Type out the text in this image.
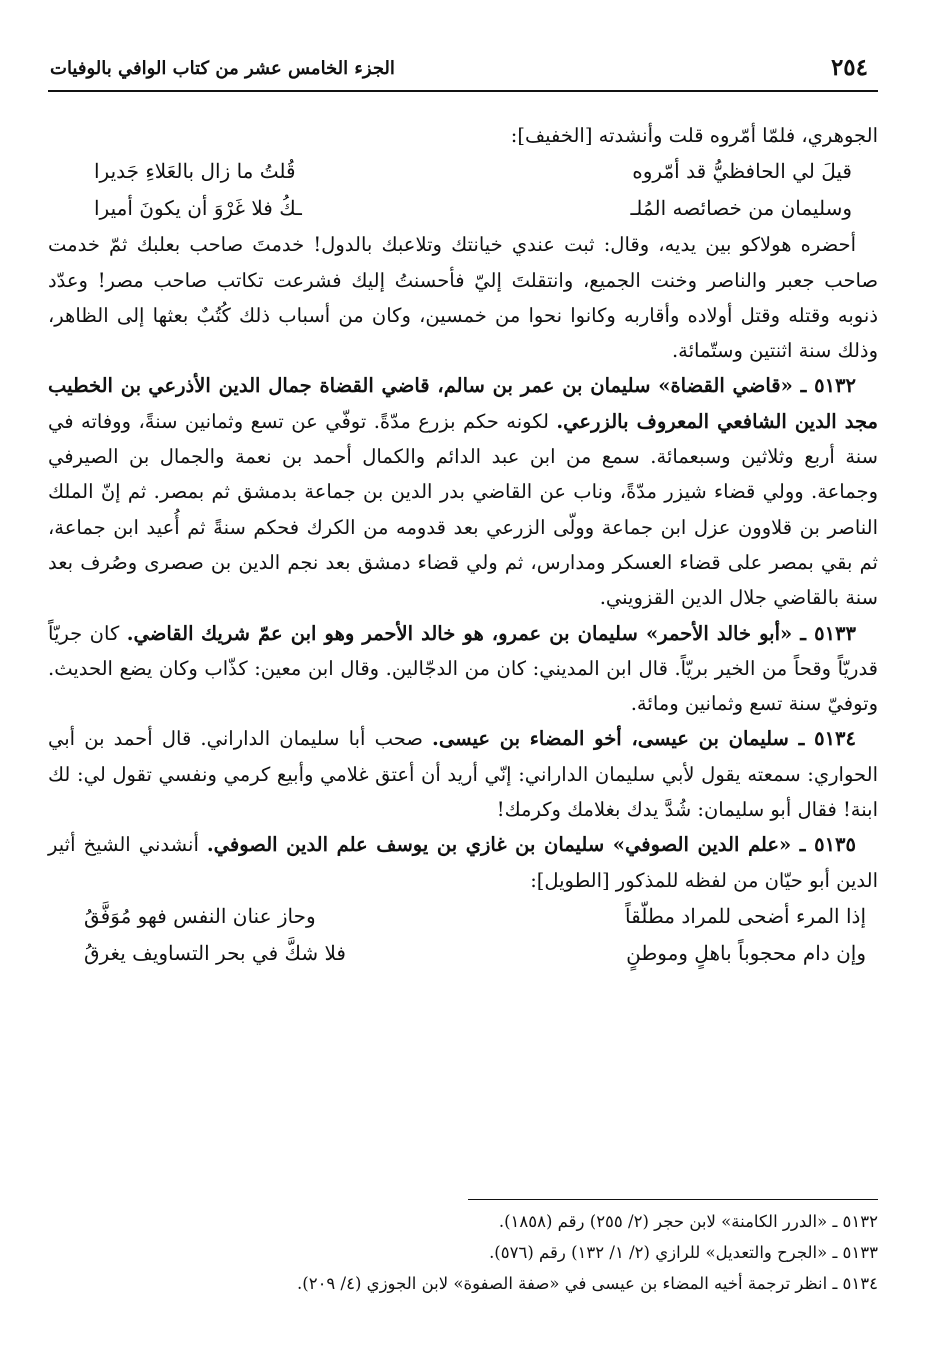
٢٥٤
الجزء الخامس عشر من كتاب الوافي بالوفيات

الجوهري، فلمّا أمّروه قلت وأنشدته [الخفيف]:

قيلَ لي الحافظيُّ قد أمّروه
قُلتُ ما زال بالعَلاءِ جَديرا
وسليمان من خصائصه المُلـ
ـكُ فلا غَرْوَ أن يكونَ أميرا

أحضره هولاكو بين يديه، وقال: ثبت عندي خيانتك وتلاعبك بالدول! خدمتَ صاحب بعلبك ثمّ خدمت صاحب جعبر والناصر وخنت الجميع، وانتقلتَ إليّ فأحسنتُ إليك فشرعت تكاتب صاحب مصر! وعدّد ذنوبه وقتله وقتل أولاده وأقاربه وكانوا نحوا من خمسين، وكان من أسباب ذلك كُتُبٌ بعثها إلى الظاهر، وذلك سنة اثنتين وستّمائة.

٥١٣٢ ـ «قاضي القضاة» سليمان بن عمر بن سالم، قاضي القضاة جمال الدين الأذرعي بن الخطيب مجد الدين الشافعي المعروف بالزرعي. لكونه حكم بزرع مدّةً. توفّي عن تسع وثمانين سنةً، ووفاته في سنة أربع وثلاثين وسبعمائة. سمع من ابن عبد الدائم والكمال أحمد بن نعمة والجمال بن الصيرفي وجماعة. وولي قضاء شيزر مدّةً، وناب عن القاضي بدر الدين بن جماعة بدمشق ثم بمصر. ثم إنّ الملك الناصر بن قلاوون عزل ابن جماعة وولّى الزرعي بعد قدومه من الكرك فحكم سنةً ثم أُعيد ابن جماعة، ثم بقي بمصر على قضاء العسكر ومدارس، ثم ولي قضاء دمشق بعد نجم الدين بن صصرى وصُرف بعد سنة بالقاضي جلال الدين القزويني.

٥١٣٣ ـ «أبو خالد الأحمر» سليمان بن عمرو، هو خالد الأحمر وهو ابن عمّ شريك القاضي. كان جريّاً قدريّاً وقحاً من الخير بريّاً. قال ابن المديني: كان من الدجّالين. وقال ابن معين: كذّاب وكان يضع الحديث. وتوفيّ سنة تسع وثمانين ومائة.

٥١٣٤ ـ سليمان بن عيسى، أخو المضاء بن عيسى. صحب أبا سليمان الداراني. قال أحمد بن أبي الحواري: سمعته يقول لأبي سليمان الداراني: إنّي أريد أن أعتق غلامي وأبيع كرمي ونفسي تقول لي: لك ابنة! فقال أبو سليمان: شُدَّ يدك بغلامك وكرمك!

٥١٣٥ ـ «علم الدين الصوفي» سليمان بن غازي بن يوسف علم الدين الصوفي. أنشدني الشيخ أثير الدين أبو حيّان من لفظه للمذكور [الطويل]:

إذا المرء أضحى للمراد مطلّقاً
وحاز عنان النفس فهو مُوَفَّقُ
وإن دام محجوباً باهلٍ وموطنٍ
فلا شكَّ في بحر التساويف يغرقُ

٥١٣٢ ـ «الدرر الكامنة» لابن حجر (٢/ ٢٥٥) رقم (١٨٥٨).

٥١٣٣ ـ «الجرح والتعديل» للرازي (٢/ ١/ ١٣٢) رقم (٥٧٦).

٥١٣٤ ـ انظر ترجمة أخيه المضاء بن عيسى في «صفة الصفوة» لابن الجوزي (٤/ ٢٠٩).
